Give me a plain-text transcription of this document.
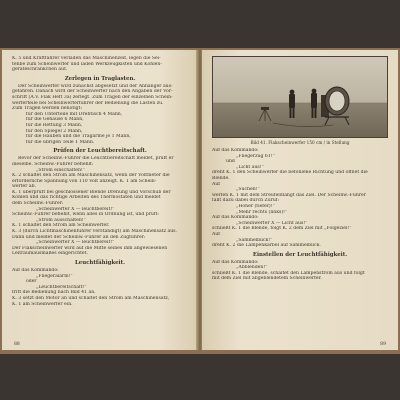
K. 5 und Kraftfahrer verladen das Maschinenzeit, legen die Sei-

tenbe zum Scheinwerfer und laden Werkzeugkisten und Kohlen-

geräteschränkchen auf.

Zerlegen in Traglasten.

Der Scheinwerfer wird zunächst abgesetzt und der Anhänger aus-

gefahren. Danach wird der Scheinwerfer nach den Angaben der Vor-

schrift (A.V. Flak Heft 3a) zerlegt. Zum Tragen der einzelnen Schein-

werferteile bei Scheinwerferführer der Bedienung die Lasten zu.

Zum Tragen werden benötigt:

für den Unterteile mit Drehtisch 4 Mann,

für die Gehäuse 6 Mann,

für die Rettung 3 Mann,

für den Spiegel 2 Mann,

für die Hauben und die Tragarme je 1 Mann,

für die übrigen Teile 1 Mann.

Prüfen der Leuchtbereitschaft.

Bevor der Scheinw.-Führer die Leuchtbereitschaft meldet, prüft er

dieselbe. Scheinw.-Führer befiehlt:

„Strom einschalten!“

K. 2 schaltet den Strom am Maschinensatz, wenn der Voltmeter die

erforderliche Spannung von 110 Volt anzeigt. K. 1 am Schein-

werfer ab.

K. 1 überprüft bei geschlossener Blende Drehung und Vorschub der

Kohlen und das richtige Arbeiten des Thermostaten und meldet

dem Scheinw.-Führer:

„Scheinwerfer X — leuchtbereit!“

Scheinw.-Führer befiehlt, wenn alles in Ordnung ist, und prüft:

„Strom ausschalten!“

K. 1 schaltet den Strom am Scheinwerfer.

K. 3 (durch Lichtmaschinenführer verständigt) am Maschinensatz aus.

Dann und meldet der Scheinw.-Führer an den Zugführer:

„Scheinwerfer X — leuchtbereit!“

Der Flakscheinwerfer wird auf die Mitte seines ihm angewiesenen

Leitraumausmaßes eingerichtet.

Leuchtfähigkeit.

Auf das Kommando:

„Fliegeralarm!“

oder

„Leuchtbereitschaft!“

tritt die Bedienung nach Bild 41 an.

K. 3 setzt den Motor an und schaltet den Strom am Maschinensatz,

K. 1 am Scheinwerfer ein.

88
Bild 41. Flakscheinwerfer 150 cm / in Stellung

Auf das Kommando:

„Fliegerzug 61!“

und

„Licht aus!“

dreht K. 1 den Scheinwerfer die befohlene Richtung und öffnet die

Blende.

Auf

„Suchen!“

werfen K. 1 mit dem Streufeldlängt das Ziel. Der Scheinw.-Führer

fällt dazu dabei durch Zuruf:

„Höher (tiefer)!“

„Mehr rechts (links)!“

Auf das Kommando:

„Scheinwerfer X — Licht aus!“

schließt K. 1 die Blende, folgt K. 2 dem Ziel mit „Folgeziel!“

Auf

„Sammelblick!“

dreht K. 2 die Lampenkarbel auf Sammelblick.

Einstellen der Leuchtfähigkeit.

Auf das Kommando:

„Abblenden!“

schließt K. 1 die Blende, schaltet den Lampenstrom aus und folgt

mit dem Ziel mit abgeblendetem Scheinwerfer.

89
